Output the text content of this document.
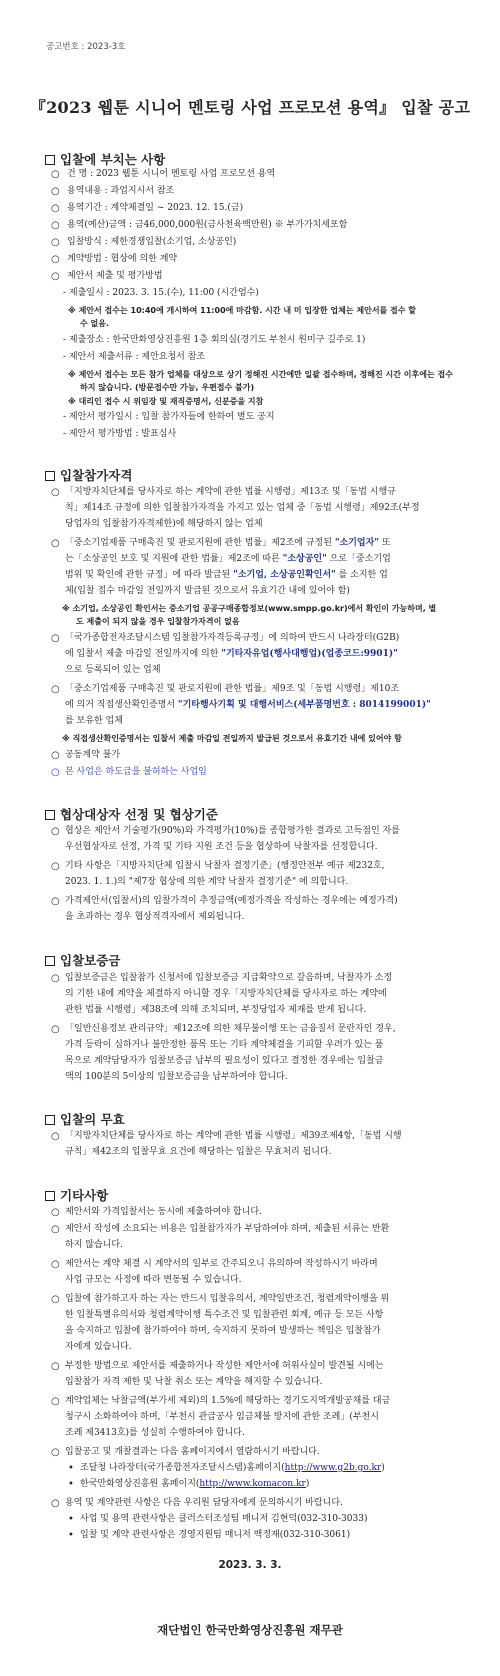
공고번호 : 2023-3호
『2023 웹툰 시니어 멘토링 사업 프로모션 용역』 입찰 공고
입찰에 부치는 사항
○ 건 명 : 2023 웹툰 시니어 멘토링 사업 프로모션 용역
○ 용역내용 : 과업지시서 참조
○ 용역기간 : 계약체결일 ~ 2023. 12. 15.(금)
○ 용역(예산)금액 : 금46,000,000원(금사천육백만원) ※ 부가가치세포함
○ 입찰방식 : 제한경쟁입찰(소기업, 소상공인)
○ 계약방법 : 협상에 의한 계약
○ 제안서 제출 및 평가방법
- 제출일시 : 2023. 3. 15.(수), 11:00 (시간엄수)
※ 제안서 접수는 10:40에 개시하여 11:00에 마감함. 시간 내 미 입장한 업체는 제안서를 접수 할
수 없음.
- 제출장소 : 한국만화영상진흥원 1층 회의실(경기도 부천시 원미구 길주로 1)
- 제안서 제출서류 : 제안요청서 참조
※ 제안서 접수는 모든 참가 업체를 대상으로 상기 정해진 시간에만 일괄 접수하며, 정해진 시간 이후에는 접수
하지 않습니다. (방문접수만 가능, 우편접수 불가)
※ 대리인 접수 시 위임장 및 재직증명서, 신분증을 지참
- 제안서 평가일시 : 입찰 참가자들에 한하여 별도 공지
- 제안서 평가방법 : 발표심사
입찰참가자격
○ 「지방자치단체를 당사자로 하는 계약에 관한 법률 시행령」제13조 및「동법 시행규
칙」제14조 규정에 의한 입찰참가자격을 가지고 있는 업체 중「동법 시행령」제92조(부정
당업자의 입찰참가자격제한)에 해당하지 않는 업체
○ 「중소기업제품 구매촉진 및 판로지원에 관한 법률」제2조에 규정된 "소기업자" 또
는「소상공인 보호 및 지원에 관한 법률」제2조에 따른 "소상공인" 으로「중소기업
범위 및 확인에 관한 규정」에 따라 발급된 "소기업, 소상공인확인서" 를 소지한 업
체(입찰 접수 마감일 전일까지 발급된 것으로서 유효기간 내에 있어야 함)
※ 소기업, 소상공인 확인서는 중소기업 공공구매종합정보(www.smpp.go.kr)에서 확인이 가능하며, 별
도 제출이 되지 않을 경우 입찰참가자격이 없음
○ 「국가종합전자조달시스템 입찰참가자격등록규정」에 의하여 반드시 나라장터(G2B)
에 입찰서 제출 마감일 전일까지에 의한 "기타자유업(행사대행업)(업종코드:9901)"
으로 등록되어 있는 업체
○ 「중소기업제품 구매촉진 및 판로지원에 관한 법률」제9조 및「동법 시행령」제10조
에 의거 직접생산확인증명서 "기타행사기획 및 대행서비스(세부품명번호 : 8014199001)"
를 보유한 업체
※ 직접생산확인증명서는 입찰서 제출 마감일 전일까지 발급된 것으로서 유효기간 내에 있어야 함
○ 공동계약 불가
○ 본 사업은 하도급을 불허하는 사업임
협상대상자 선정 및 협상기준
○ 협상은 제안서 기술평가(90%)와 가격평가(10%)를 종합평가한 결과로 고득점인 자를
우선협상자로 선정, 가격 및 기타 지원 조건 등을 협상하여 낙찰자를 선정합니다.
○ 기타 사항은「지방자치단체 입찰시 낙찰자 결정기준」(행정안전부 예규 제232호,
2023. 1. 1.)의 "제7장 협상에 의한 계약 낙찰자 결정기준" 에 의합니다.
○ 가격제안서(입찰서)의 입찰가격이 추정금액(예정가격을 작성하는 경우에는 예정가격)
을 초과하는 경우 협상적격자에서 제외됩니다.
입찰보증금
○ 입찰보증금은 입찰참가 신청서에 입찰보증금 지급확약으로 갈음하며, 낙찰자가 소정
의 기한 내에 계약을 체결하지 아니할 경우「지방자치단체를 당사자로 하는 계약에
관한 법률 시행령」제38조에 의해 조치되며, 부정당업자 제재를 받게 됩니다.
○ 「일반신용정보 관리규약」제12조에 의한 채무불이행 또는 금융질서 문란자인 경우,
가격 등락이 심하거나 불안정한 품목 또는 기타 계약체결을 기피할 우려가 있는 품
목으로 계약담당자가 입찰보증금 납부의 필요성이 있다고 결정한 경우에는 입찰금
액의 100분의 5이상의 입찰보증금을 납부하여야 합니다.
입찰의 무효
○ 「지방자치단체를 당사자로 하는 계약에 관한 법률 시행령」제39조제4항,「동법 시행
규칙」제42조의 입찰무효 요건에 해당하는 입찰은 무효처리 됩니다.
기타사항
○ 제안서와 가격입찰서는 동시에 제출하여야 합니다.
○ 제안서 작성에 소요되는 비용은 입찰참가자가 부담하여야 하며, 제출된 서류는 반환
하지 않습니다.
○ 제안서는 계약 체결 시 계약서의 일부로 간주되오니 유의하여 작성하시기 바라며
사업 규모는 사정에 따라 변동될 수 있습니다.
○ 입찰에 참가하고자 하는 자는 반드시 입찰유의서, 계약일반조건, 청렴계약이행을 위
한 입찰특별유의서와 청렴계약이행 특수조건 및 입찰관련 회계, 예규 등 모든 사항
을 숙지하고 입찰에 참가하여야 하며, 숙지하지 못하여 발생하는 책임은 입찰참가
자에게 있습니다.
○ 부정한 방법으로 제안서를 제출하거나 작성한 제안서에 허위사실이 발견될 시에는
입찰참가 자격 제한 및 낙찰 취소 또는 계약을 해지할 수 있습니다.
○ 계약업체는 낙찰금액(부가세 제외)의 1.5%에 해당하는 경기도지역개발공채를 대금
청구시 소화하여야 하며,「부천시 관급공사 임금체불 방지에 관한 조례」(부천시
조례 제3413호)를 성실히 수행하여야 합니다.
○ 입찰공고 및 개찰결과는 다음 홈페이지에서 열람하시기 바랍니다.
• 조달청 나라장터(국가종합전자조달시스템)홈페이지(http://www.g2b.go.kr)
• 한국만화영상진흥원 홈페이지(http://www.komacon.kr)
○ 용역 및 계약관련 사항은 다음 우리원 담당자에게 문의하시기 바랍니다.
• 사업 및 용역 관련사항은 클러스터조성팀 매니저 김현덕(032-310-3033)
• 입찰 및 계약 관련사항은 경영지원팀 매니저 백정재(032-310-3061)
2023. 3. 3.
재단법인 한국만화영상진흥원 재무관
